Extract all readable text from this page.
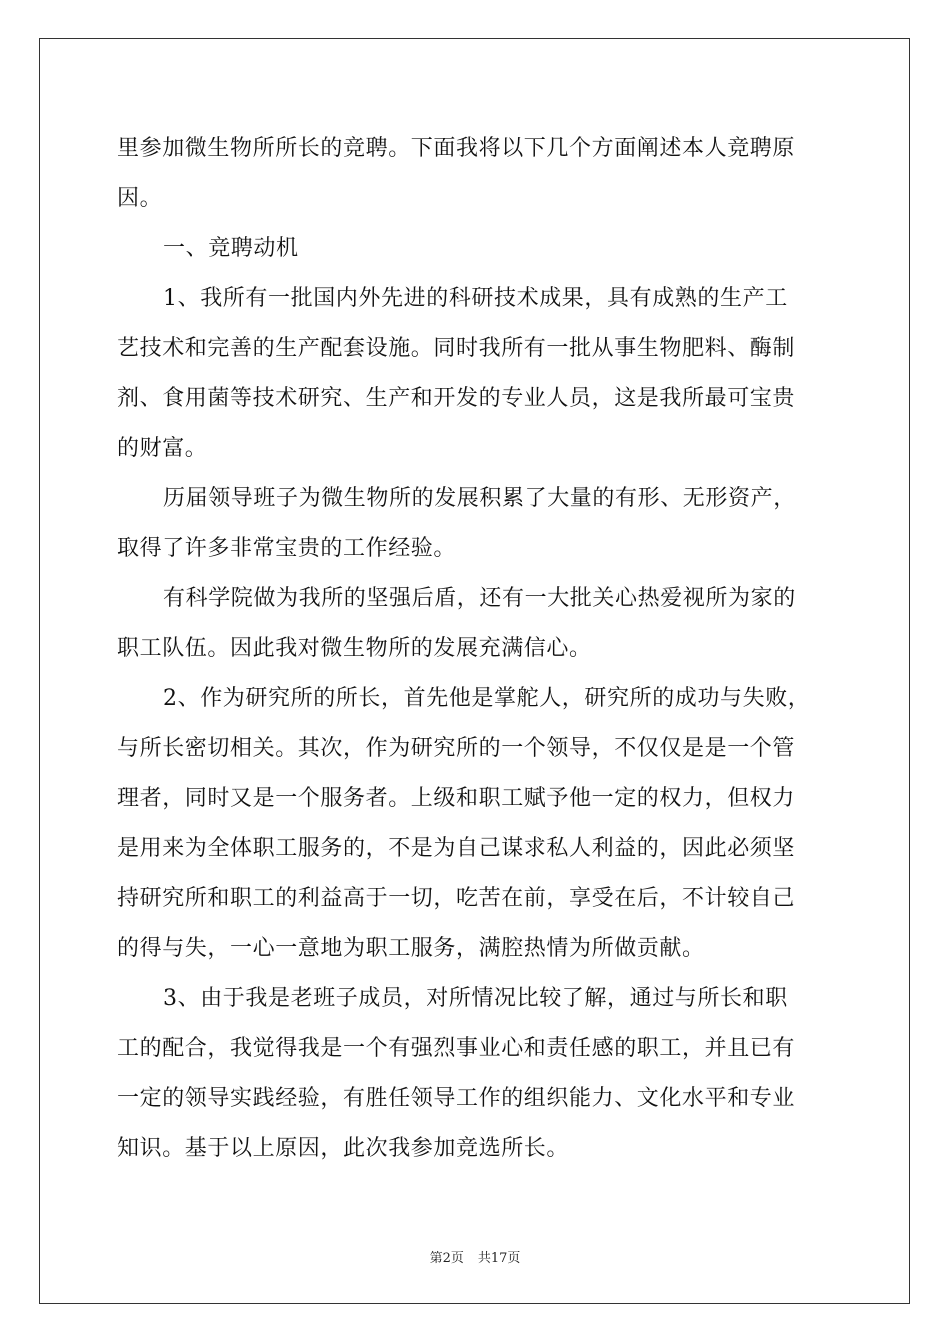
里参加微生物所所长的竞聘。下面我将以下几个方面阐述本人竞聘原
因。
一、竞聘动机
1、我所有一批国内外先进的科研技术成果，具有成熟的生产工
艺技术和完善的生产配套设施。同时我所有一批从事生物肥料、酶制
剂、食用菌等技术研究、生产和开发的专业人员，这是我所最可宝贵
的财富。
历届领导班子为微生物所的发展积累了大量的有形、无形资产，
取得了许多非常宝贵的工作经验。
有科学院做为我所的坚强后盾，还有一大批关心热爱视所为家的
职工队伍。因此我对微生物所的发展充满信心。
2、作为研究所的所长，首先他是掌舵人，研究所的成功与失败，
与所长密切相关。其次，作为研究所的一个领导，不仅仅是是一个管
理者，同时又是一个服务者。上级和职工赋予他一定的权力，但权力
是用来为全体职工服务的，不是为自己谋求私人利益的，因此必须坚
持研究所和职工的利益高于一切，吃苦在前，享受在后，不计较自己
的得与失，一心一意地为职工服务，满腔热情为所做贡献。
3、由于我是老班子成员，对所情况比较了解，通过与所长和职
工的配合，我觉得我是一个有强烈事业心和责任感的职工，并且已有
一定的领导实践经验，有胜任领导工作的组织能力、文化水平和专业
知识。基于以上原因，此次我参加竞选所长。
第2页 共17页
